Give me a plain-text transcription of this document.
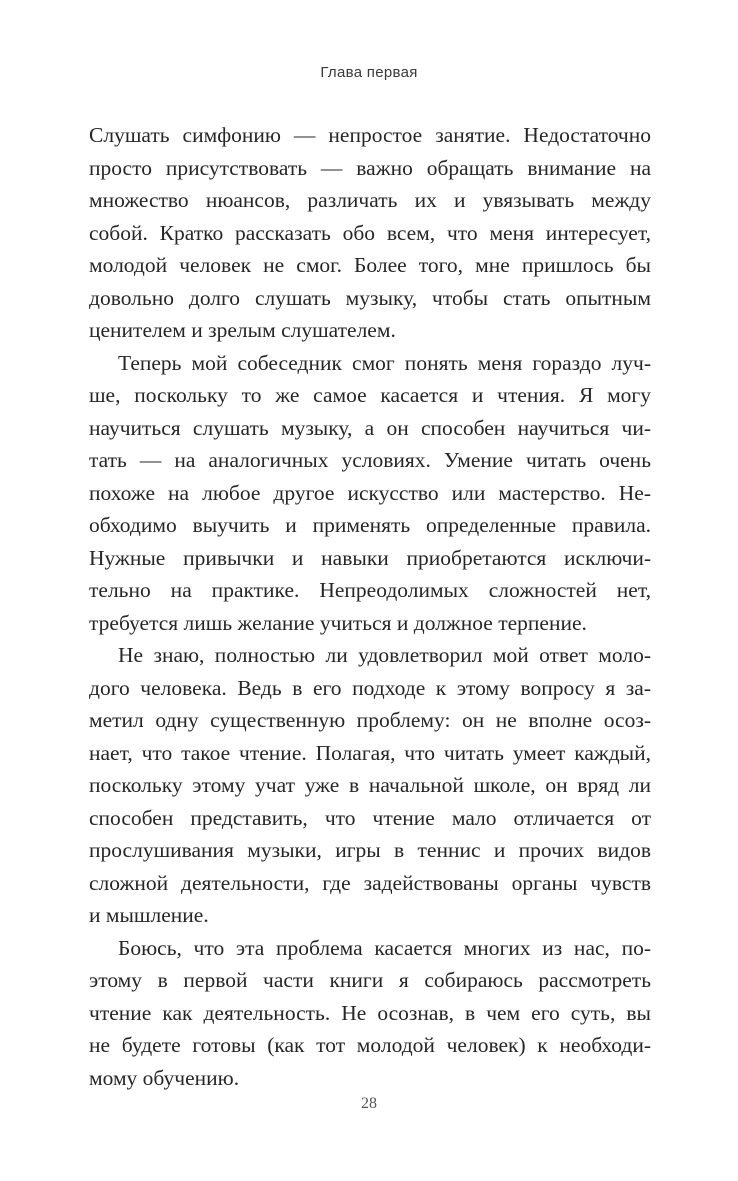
Глава первая
Слушать симфонию — непростое занятие. Недостаточно
просто присутствовать — важно обращать внимание на
множество нюансов, различать их и увязывать между
собой. Кратко рассказать обо всем, что меня интересует,
молодой человек не смог. Более того, мне пришлось бы
довольно долго слушать музыку, чтобы стать опытным
ценителем и зрелым слушателем.
Теперь мой собеседник смог понять меня гораздо луч-
ше, поскольку то же самое касается и чтения. Я могу
научиться слушать музыку, а он способен научиться чи-
тать — на аналогичных условиях. Умение читать очень
похоже на любое другое искусство или мастерство. Не-
обходимо выучить и применять определенные правила.
Нужные привычки и навыки приобретаются исключи-
тельно на практике. Непреодолимых сложностей нет,
требуется лишь желание учиться и должное терпение.
Не знаю, полностью ли удовлетворил мой ответ моло-
дого человека. Ведь в его подходе к этому вопросу я за-
метил одну существенную проблему: он не вполне осоз-
нает, что такое чтение. Полагая, что читать умеет каждый,
поскольку этому учат уже в начальной школе, он вряд ли
способен представить, что чтение мало отличается от
прослушивания музыки, игры в теннис и прочих видов
сложной деятельности, где задействованы органы чувств
и мышление.
Боюсь, что эта проблема касается многих из нас, по-
этому в первой части книги я собираюсь рассмотреть
чтение как деятельность. Не осознав, в чем его суть, вы
не будете готовы (как тот молодой человек) к необходи-
мому обучению.
28
